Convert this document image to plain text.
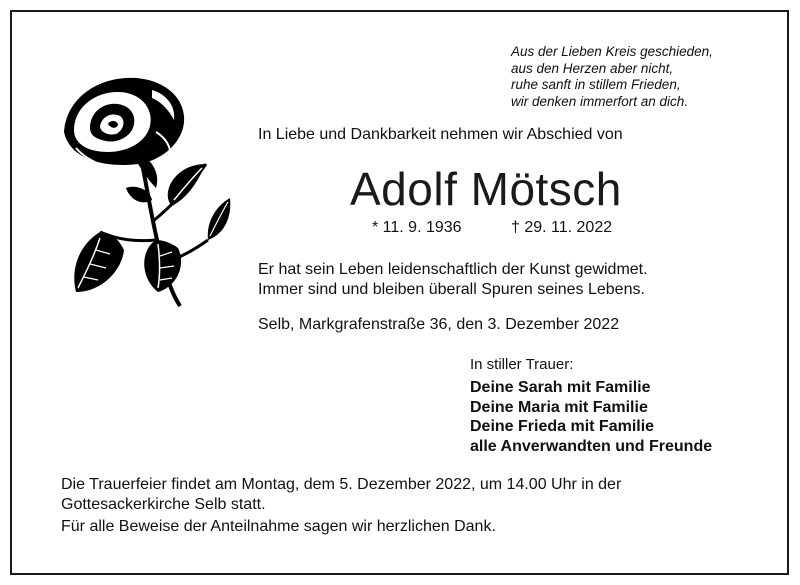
Aus der Lieben Kreis geschieden,
aus den Herzen aber nicht,
ruhe sanft in stillem Frieden,
wir denken immerfort an dich.
In Liebe und Dankbarkeit nehmen wir Abschied von
Adolf Mötsch
* 11. 9. 1936	† 29. 11. 2022
Er hat sein Leben leidenschaftlich der Kunst gewidmet.
Immer sind und bleiben überall Spuren seines Lebens.
Selb, Markgrafenstraße 36, den 3. Dezember 2022
In stiller Trauer:
Deine Sarah mit Familie
Deine Maria mit Familie
Deine Frieda mit Familie
alle Anverwandten und Freunde
Die Trauerfeier findet am Montag, dem 5. Dezember 2022, um 14.00 Uhr in der
Gottesackerkirche Selb statt.
Für alle Beweise der Anteilnahme sagen wir herzlichen Dank.
